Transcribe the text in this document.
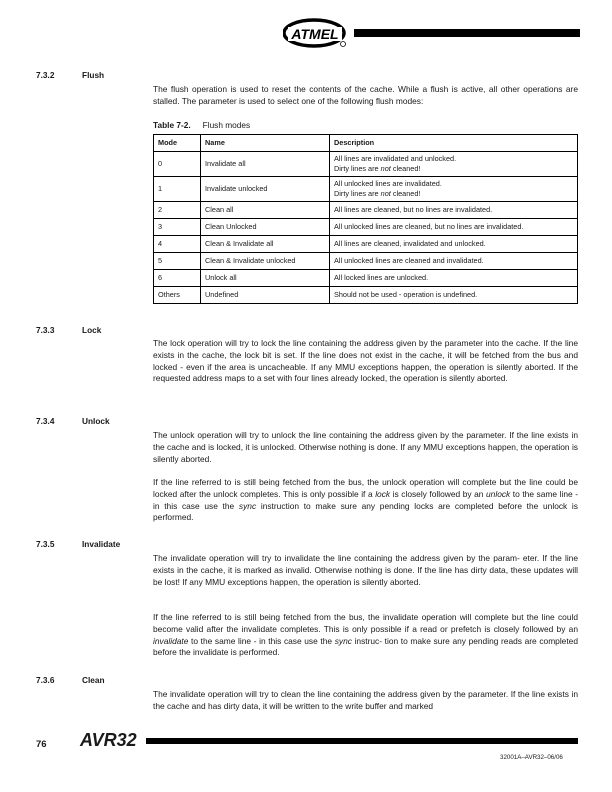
ATMEL
7.3.2	Flush

The flush operation is used to reset the contents of the cache. While a flush is active, all other operations are stalled. The parameter is used to select one of the following flush modes:

Table 7-2. Flush modes
Mode	Name	Description
0	Invalidate all	All lines are invalidated and unlocked.
Dirty lines are not cleaned!

1	Invalidate unlocked	All unlocked lines are invalidated.
Dirty lines are not cleaned!

2	Clean all	All lines are cleaned, but no lines are invalidated.
3	Clean Unlocked	All unlocked lines are cleaned, but no lines are invalidated.
4	Clean & Invalidate all	All lines are cleaned, invalidated and unlocked.
5	Clean & Invalidate unlocked	All unlocked lines are cleaned and invalidated.
6	Unlock all	All locked lines are unlocked.
Others	Undefined	Should not be used - operation is undefined.
7.3.3	Lock

The lock operation will try to lock the line containing the address given by the parameter into the cache. If the line exists in the cache, the lock bit is set. If the line does not exist in the cache, it will be fetched from the bus and locked - even if the area is uncacheable. If any MMU exceptions happen, the operation is silently aborted. If the requested address maps to a set with four lines already locked, the operation is silently aborted.

7.3.4	Unlock

The unlock operation will try to unlock the line containing the address given by the parameter. If the line exists in the cache and is locked, it is unlocked. Otherwise nothing is done. If any MMU exceptions happen, the operation is silently aborted.

If the line referred to is still being fetched from the bus, the unlock operation will complete but the line could be locked after the unlock completes. This is only possible if a lock is closely followed by an unlock to the same line - in this case use the sync instruction to make sure any pending locks are completed before the unlock is performed.

7.3.5	Invalidate

The invalidate operation will try to invalidate the line containing the address given by the param- eter. If the line exists in the cache, it is marked as invalid. Otherwise nothing is done. If the line has dirty data, these updates will be lost! If any MMU exceptions happen, the operation is silently aborted.

If the line referred to is still being fetched from the bus, the invalidate operation will complete but the line could become valid after the invalidate completes. This is only possible if a read or prefetch is closely followed by an invalidate to the same line - in this case use the sync instruc- tion to make sure any pending reads are completed before the invalidate is performed.

7.3.6	Clean

The invalidate operation will try to clean the line containing the address given by the parameter. If the line exists in the cache and has dirty data, it will be written to the write buffer and marked

76 AVR32
32001A–AVR32–06/06
